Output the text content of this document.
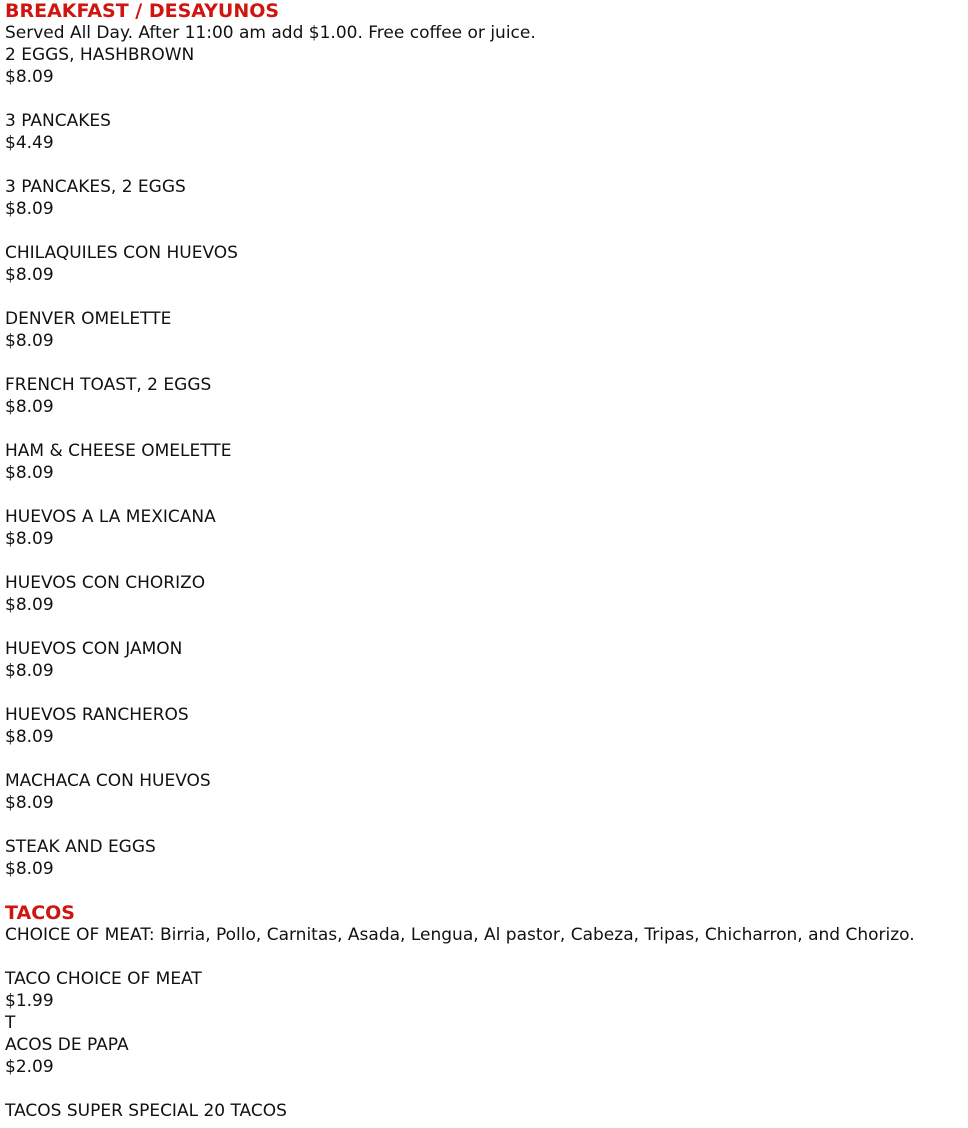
BREAKFAST / DESAYUNOS
Served All Day. After 11:00 am add $1.00. Free coffee or juice.
2 EGGS, HASHBROWN
$8.09
3 PANCAKES
$4.49
3 PANCAKES, 2 EGGS
$8.09
CHILAQUILES CON HUEVOS
$8.09
DENVER OMELETTE
$8.09
FRENCH TOAST, 2 EGGS
$8.09
HAM & CHEESE OMELETTE
$8.09
HUEVOS A LA MEXICANA
$8.09
HUEVOS CON CHORIZO
$8.09
HUEVOS CON JAMON
$8.09
HUEVOS RANCHEROS
$8.09
MACHACA CON HUEVOS
$8.09
STEAK AND EGGS
$8.09
TACOS
CHOICE OF MEAT: Birria, Pollo, Carnitas, Asada, Lengua, Al pastor, Cabeza, Tripas, Chicharron, and Chorizo.
TACO CHOICE OF MEAT
$1.99
T
ACOS DE PAPA
$2.09
TACOS SUPER SPECIAL 20 TACOS
